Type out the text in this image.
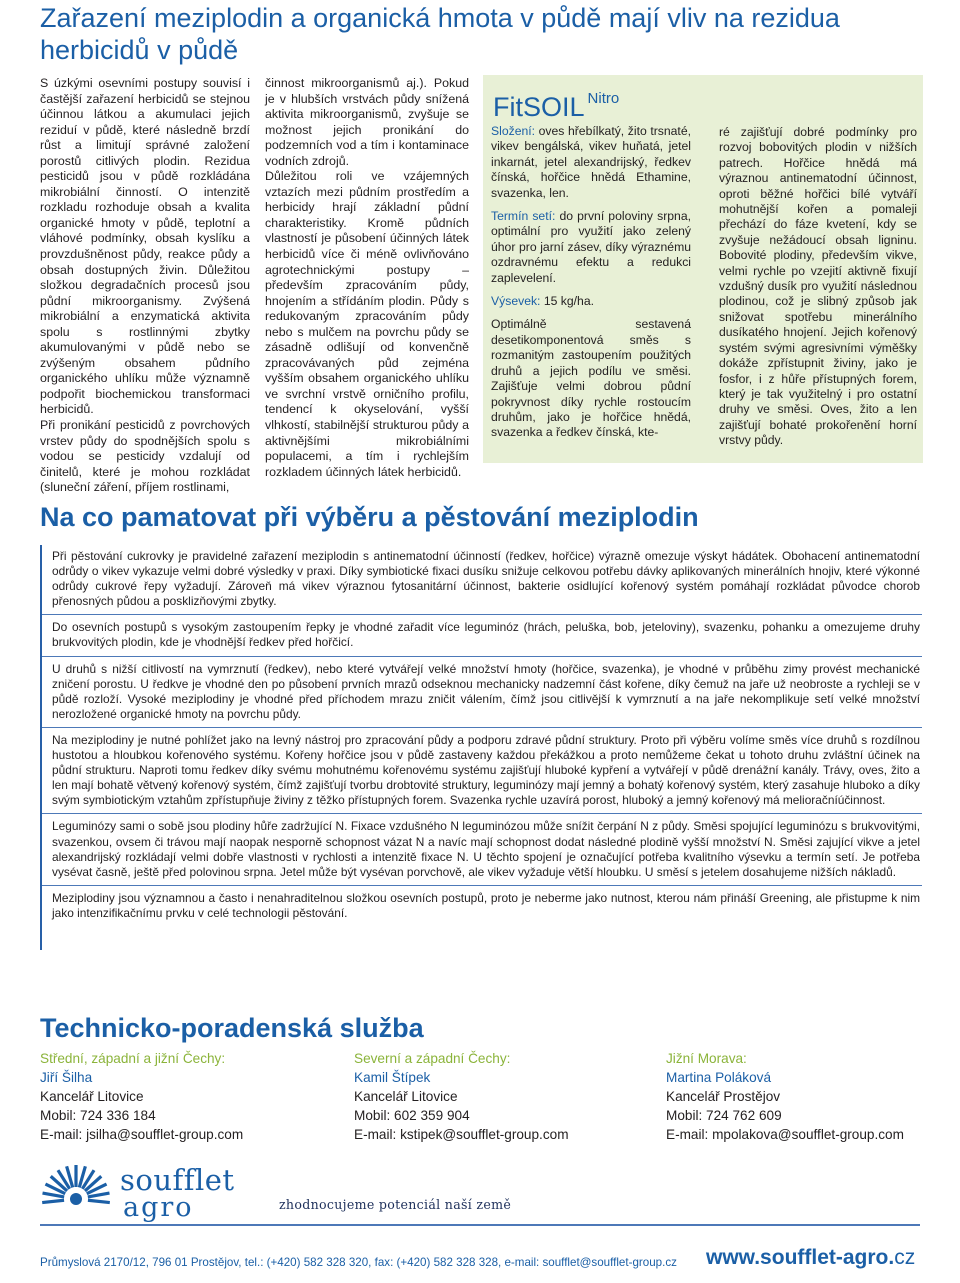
Zařazení meziplodin a organická hmota v půdě mají vliv na rezidua herbicidů v půdě

S úzkými osevními postupy souvisí i častější zařazení herbicidů se stejnou účinnou látkou a akumulaci jejich reziduí v půdě, které následně brzdí růst a limitují správné založení porostů citlivých plodin. Rezidua pesticidů jsou v půdě rozkládána mikrobiální činností. O intenzitě rozkladu rozhoduje obsah a kvalita organické hmoty v půdě, teplotní a vláhové podmínky, obsah kyslíku a provzdušněnost půdy, reakce půdy a obsah dostupných živin. Důležitou složkou degradačních procesů jsou půdní mikroorganismy. Zvýšená mikrobiální a enzymatická aktivita spolu s rostlinnými zbytky akumulovanými v půdě nebo se zvýšeným obsahem půdního organického uhlíku může významně podpořit biochemickou transformaci herbicidů.

Při pronikání pesticidů z povrchových vrstev půdy do spodnějších spolu s vodou se pesticidy vzdalují od činitelů, které je mohou rozkládat (sluneční záření, příjem rostlinami,

činnost mikroorganismů aj.). Pokud je v hlubších vrstvách půdy snížená aktivita mikroorganismů, zvyšuje se možnost jejich pronikání do podzemních vod a tím i kontaminace vodních zdrojů.

Důležitou roli ve vzájemných vztazích mezi půdním prostředím a herbicidy hrají základní půdní charakteristiky. Kromě půdních vlastností je působení účinných látek herbicidů více či méně ovlivňováno agrotechnickými postupy – především zpracováním půdy, hnojením a střídáním plodin. Půdy s redukovaným zpracováním půdy nebo s mulčem na povrchu půdy se zásadně odlišují od konvenčně zpracovávaných půd zejména vyšším obsahem organického uhlíku ve svrchní vrstvě orničního profilu, tendencí k okyselování, vyšší vlhkostí, stabilnější strukturou půdy a aktivnějšími mikrobiálními populacemi, a tím i rychlejším rozkladem účinných látek herbicidů.

FitSOIL $^{Nitro}$

Složení: oves hřebílkatý, žito trsnaté, vikev bengálská, vikev huňatá, jetel inkarnát, jetel alexandrijský, ředkev čínská, hořčice hnědá Ethamine, svazenka, len.

Termín setí: do první poloviny srpna, optimální pro využití jako zelený úhor pro jarní zásev, díky výraznému ozdravnému efektu a redukci zaplevelení.

Výsevek: 15 kg/ha.

Optimálně sestavená desetikomponentová směs s rozmanitým zastoupením použitých druhů a jejich podílu ve směsi. Zajišťuje velmi dobrou půdní pokryvnost díky rychle rostoucím druhům, jako je hořčice hnědá, svazenka a ředkev čínská, kte-

ré zajišťují dobré podmínky pro rozvoj bobovitých plodin v nižších patrech. Hořčice hnědá má výraznou antinematodní účinnost, oproti běžné hořčici bílé vytváří mohutnější kořen a pomaleji přechází do fáze kvetení, kdy se zvyšuje nežádoucí obsah ligninu. Bobovité plodiny, především vikve, velmi rychle po vzejití aktivně fixují vzdušný dusík pro využití následnou plodinou, což je slibný způsob jak snižovat spotřebu minerálního dusíkatého hnojení. Jejich kořenový systém svými agresivními výměšky dokáže zpřístupnit živiny, jako je fosfor, i z hůře přístupných forem, který je tak využitelný i pro ostatní druhy ve směsi. Oves, žito a len zajišťují bohaté prokořenění horní vrstvy půdy.

Na co pamatovat při výběru a pěstování meziplodin

Při pěstování cukrovky je pravidelné zařazení meziplodin s antinematodní účinností (ředkev, hořčice) výrazně omezuje výskyt hádátek. Obohacení antinematodní odrůdy o vikev vykazuje velmi dobré výsledky v praxi. Díky symbiotické fixaci dusíku snižuje celkovou potřebu dávky aplikovaných minerálních hnojiv, které výkonné odrůdy cukrové řepy vyžadují. Zároveň má vikev výraznou fytosanitární účinnost, bakterie osidlující kořenový systém pomáhají rozkládat původce chorob přenosných půdou a posklizňovými zbytky.

Do osevních postupů s vysokým zastoupením řepky je vhodné zařadit více leguminóz (hrách, peluška, bob, jeteloviny), svazenku, pohanku a omezujeme druhy brukvovitých plodin, kde je vhodnější ředkev před hořčicí.

U druhů s nižší citlivostí na vymrznutí (ředkev), nebo které vytvářejí velké množství hmoty (hořčice, svazenka), je vhodné v průběhu zimy provést mechanické zničení porostu. U ředkve je vhodné den po působení prvních mrazů odseknou mechanicky nadzemní část kořene, díky čemuž na jaře už neobroste a rychleji se v půdě rozloží. Vysoké meziplodiny je vhodné před příchodem mrazu zničit válením, čímž jsou citlivější k vymrznutí a na jaře nekomplikuje setí velké množství nerozložené organické hmoty na povrchu půdy.

Na meziplodiny je nutné pohlížet jako na levný nástroj pro zpracování půdy a podporu zdravé půdní struktury. Proto při výběru volíme směs více druhů s rozdílnou hustotou a hloubkou kořenového systému. Kořeny hořčice jsou v půdě zastaveny každou překážkou a proto nemůžeme čekat u tohoto druhu zvláštní účinek na půdní strukturu. Naproti tomu ředkev díky svému mohutnému kořenovému systému zajišťují hluboké kypření a vytvářejí v půdě drenážní kanály. Trávy, oves, žito a len mají bohatě větvený kořenový systém, čímž zajišťují tvorbu drobtovité struktury, leguminózy mají jemný a bohatý kořenový systém, který zasahuje hluboko a díky svým symbiotickým vztahům zpřístupňuje živiny z těžko přístupných forem. Svazenka rychle uzavírá porost, hluboký a jemný kořenový má melioračníúčinnost.

Leguminózy sami o sobě jsou plodiny hůře zadržující N. Fixace vzdušného N leguminózou může snížit čerpání N z půdy. Směsi spojující leguminózu s brukvovitými, svazenkou, ovsem či trávou mají naopak nesporně schopnost vázat N a navíc mají schopnost dodat následné plodině vyšší množství N. Směsi zajující vikve a jetel alexandrijský rozkládají velmi dobře vlastnosti v rychlosti a intenzitě fixace N. U těchto spojení je označující potřeba kvalitního výsevku a termín setí. Je potřeba vysévat časně, ještě před polovinou srpna. Jetel může být vysévan porvchově, ale vikev vyžaduje větší hloubku. U směsí s jetelem dosahujeme nižších nákladů.

Meziplodiny jsou významnou a často i nenahraditelnou složkou osevních postupů, proto je neberme jako nutnost, kterou nám přináší Greening, ale přistupme k nim jako intenzifikačnímu prvku v celé technologii pěstování.

Technicko-poradenská služba
Střední, západní a jižní Čechy:
Jiří Šilha
Kancelář Litovice
Mobil: 724 336 184
E-mail: jsilha@soufflet-group.com
Severní a západní Čechy:
Kamil Štípek
Kancelář Litovice
Mobil: 602 359 904
E-mail: kstipek@soufflet-group.com
Jižní Morava:
Martina Poláková
Kancelář Prostějov
Mobil: 724 762 609
E-mail: mpolakova@soufflet-group.com
soufflet
agro	zhodnocujeme potenciál naší země
Průmyslová 2170/12, 796 01 Prostějov, tel.: (+420) 582 328 320, fax: (+420) 582 328 328, e-mail: soufflet@soufflet-group.cz www.soufflet-agro.cz
